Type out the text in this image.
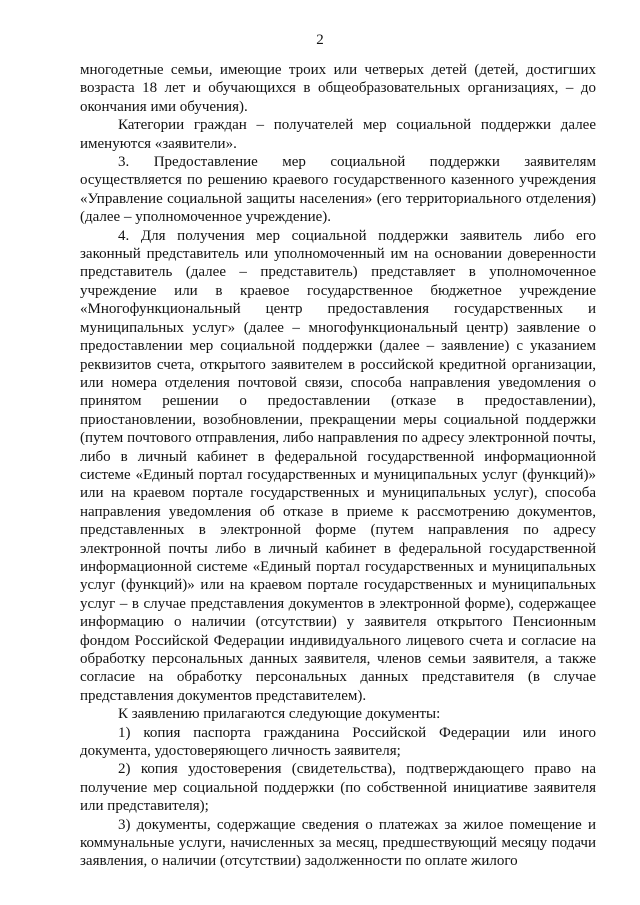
2

многодетные семьи, имеющие троих или четверых детей (детей, достигших возраста 18 лет и обучающихся в общеобразовательных организациях, – до окончания ими обучения).

Категории граждан – получателей мер социальной поддержки далее именуются «заявители».

3. Предоставление мер социальной поддержки заявителям осуществляется по решению краевого государственного казенного учреждения «Управление социальной защиты населения» (его территориального отделения) (далее – уполномоченное учреждение).

4. Для получения мер социальной поддержки заявитель либо его законный представитель или уполномоченный им на основании доверенности представитель (далее – представитель) представляет в уполномоченное учреждение или в краевое государственное бюджетное учреждение «Многофункциональный центр предоставления государственных и муниципальных услуг» (далее – многофункциональный центр) заявление о предоставлении мер социальной поддержки (далее – заявление) с указанием реквизитов счета, открытого заявителем в российской кредитной организации, или номера отделения почтовой связи, способа направления уведомления о принятом решении о предоставлении (отказе в предоставлении), приостановлении, возобновлении, прекращении меры социальной поддержки (путем почтового отправления, либо направления по адресу электронной почты, либо в личный кабинет в федеральной государственной информационной системе «Единый портал государственных и муниципальных услуг (функций)» или на краевом портале государственных и муниципальных услуг), способа направления уведомления об отказе в приеме к рассмотрению документов, представленных в электронной форме (путем направления по адресу электронной почты либо в личный кабинет в федеральной государственной информационной системе «Единый портал государственных и муниципальных услуг (функций)» или на краевом портале государственных и муниципальных услуг – в случае представления документов в электронной форме), содержащее информацию о наличии (отсутствии) у заявителя открытого Пенсионным фондом Российской Федерации индивидуального лицевого счета и согласие на обработку персональных данных заявителя, членов семьи заявителя, а также согласие на обработку персональных данных представителя (в случае представления документов представителем).

К заявлению прилагаются следующие документы:

1) копия паспорта гражданина Российской Федерации или иного документа, удостоверяющего личность заявителя;

2) копия удостоверения (свидетельства), подтверждающего право на получение мер социальной поддержки (по собственной инициативе заявителя или представителя);

3) документы, содержащие сведения о платежах за жилое помещение и коммунальные услуги, начисленных за месяц, предшествующий месяцу подачи заявления, о наличии (отсутствии) задолженности по оплате жилого
